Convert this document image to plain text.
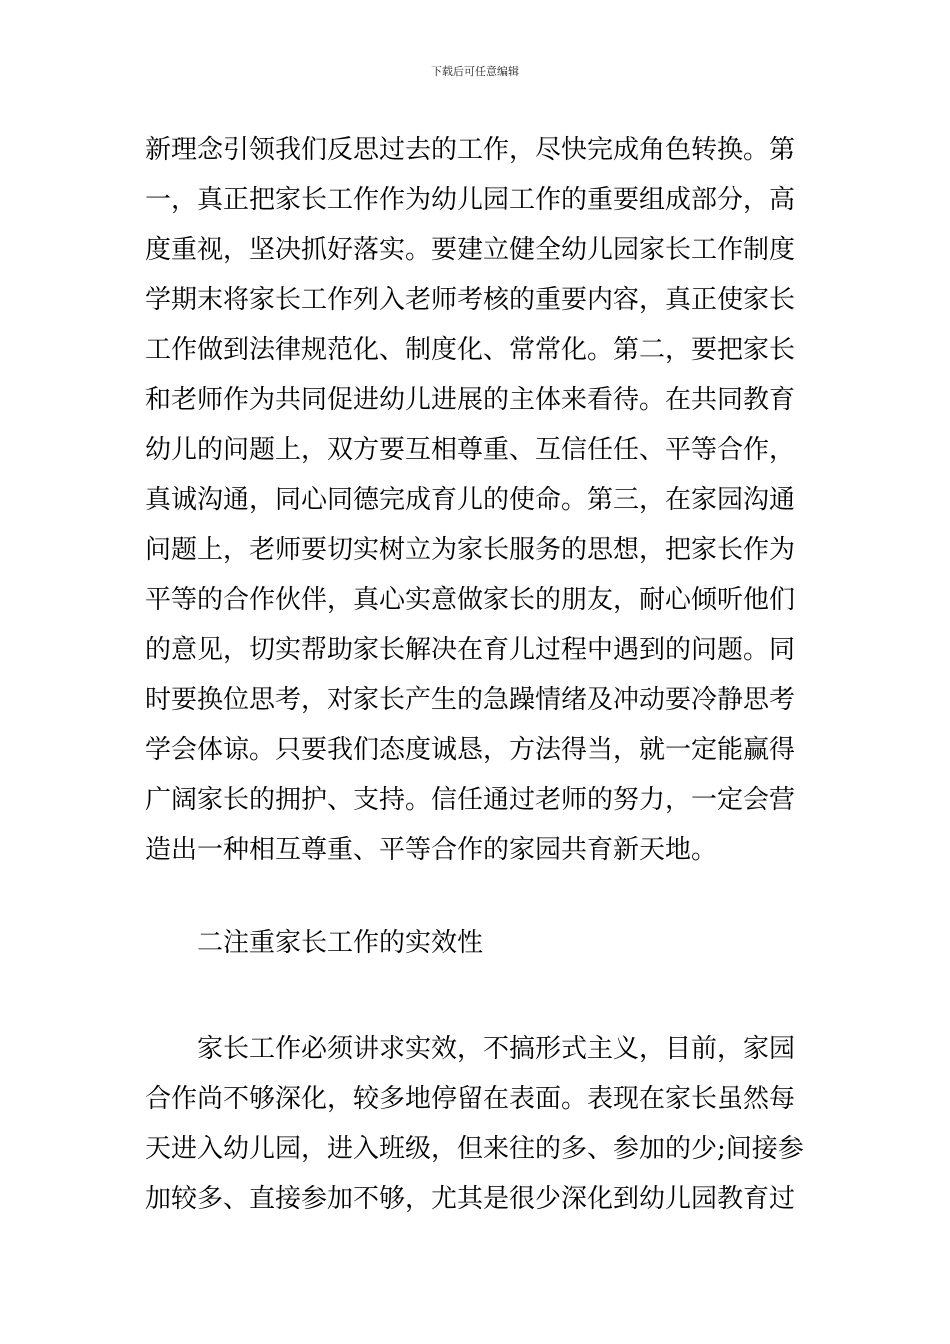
下载后可任意编辑
新理念引领我们反思过去的工作，尽快完成角色转换。第
一，真正把家长工作作为幼儿园工作的重要组成部分，高
度重视，坚决抓好落实。要建立健全幼儿园家长工作制度
学期末将家长工作列入老师考核的重要内容，真正使家长
工作做到法律规范化、制度化、常常化。第二，要把家长
和老师作为共同促进幼儿进展的主体来看待。在共同教育
幼儿的问题上，双方要互相尊重、互信任任、平等合作，
真诚沟通，同心同德完成育儿的使命。第三，在家园沟通
问题上，老师要切实树立为家长服务的思想，把家长作为
平等的合作伙伴，真心实意做家长的朋友，耐心倾听他们
的意见，切实帮助家长解决在育儿过程中遇到的问题。同
时要换位思考，对家长产生的急躁情绪及冲动要冷静思考
学会体谅。只要我们态度诚恳，方法得当，就一定能赢得
广阔家长的拥护、支持。信任通过老师的努力，一定会营
造出一种相互尊重、平等合作的家园共育新天地。
二注重家长工作的实效性
家长工作必须讲求实效，不搞形式主义，目前，家园
合作尚不够深化，较多地停留在表面。表现在家长虽然每
天进入幼儿园，进入班级，但来往的多、参加的少;间接参
加较多、直接参加不够，尤其是很少深化到幼儿园教育过
